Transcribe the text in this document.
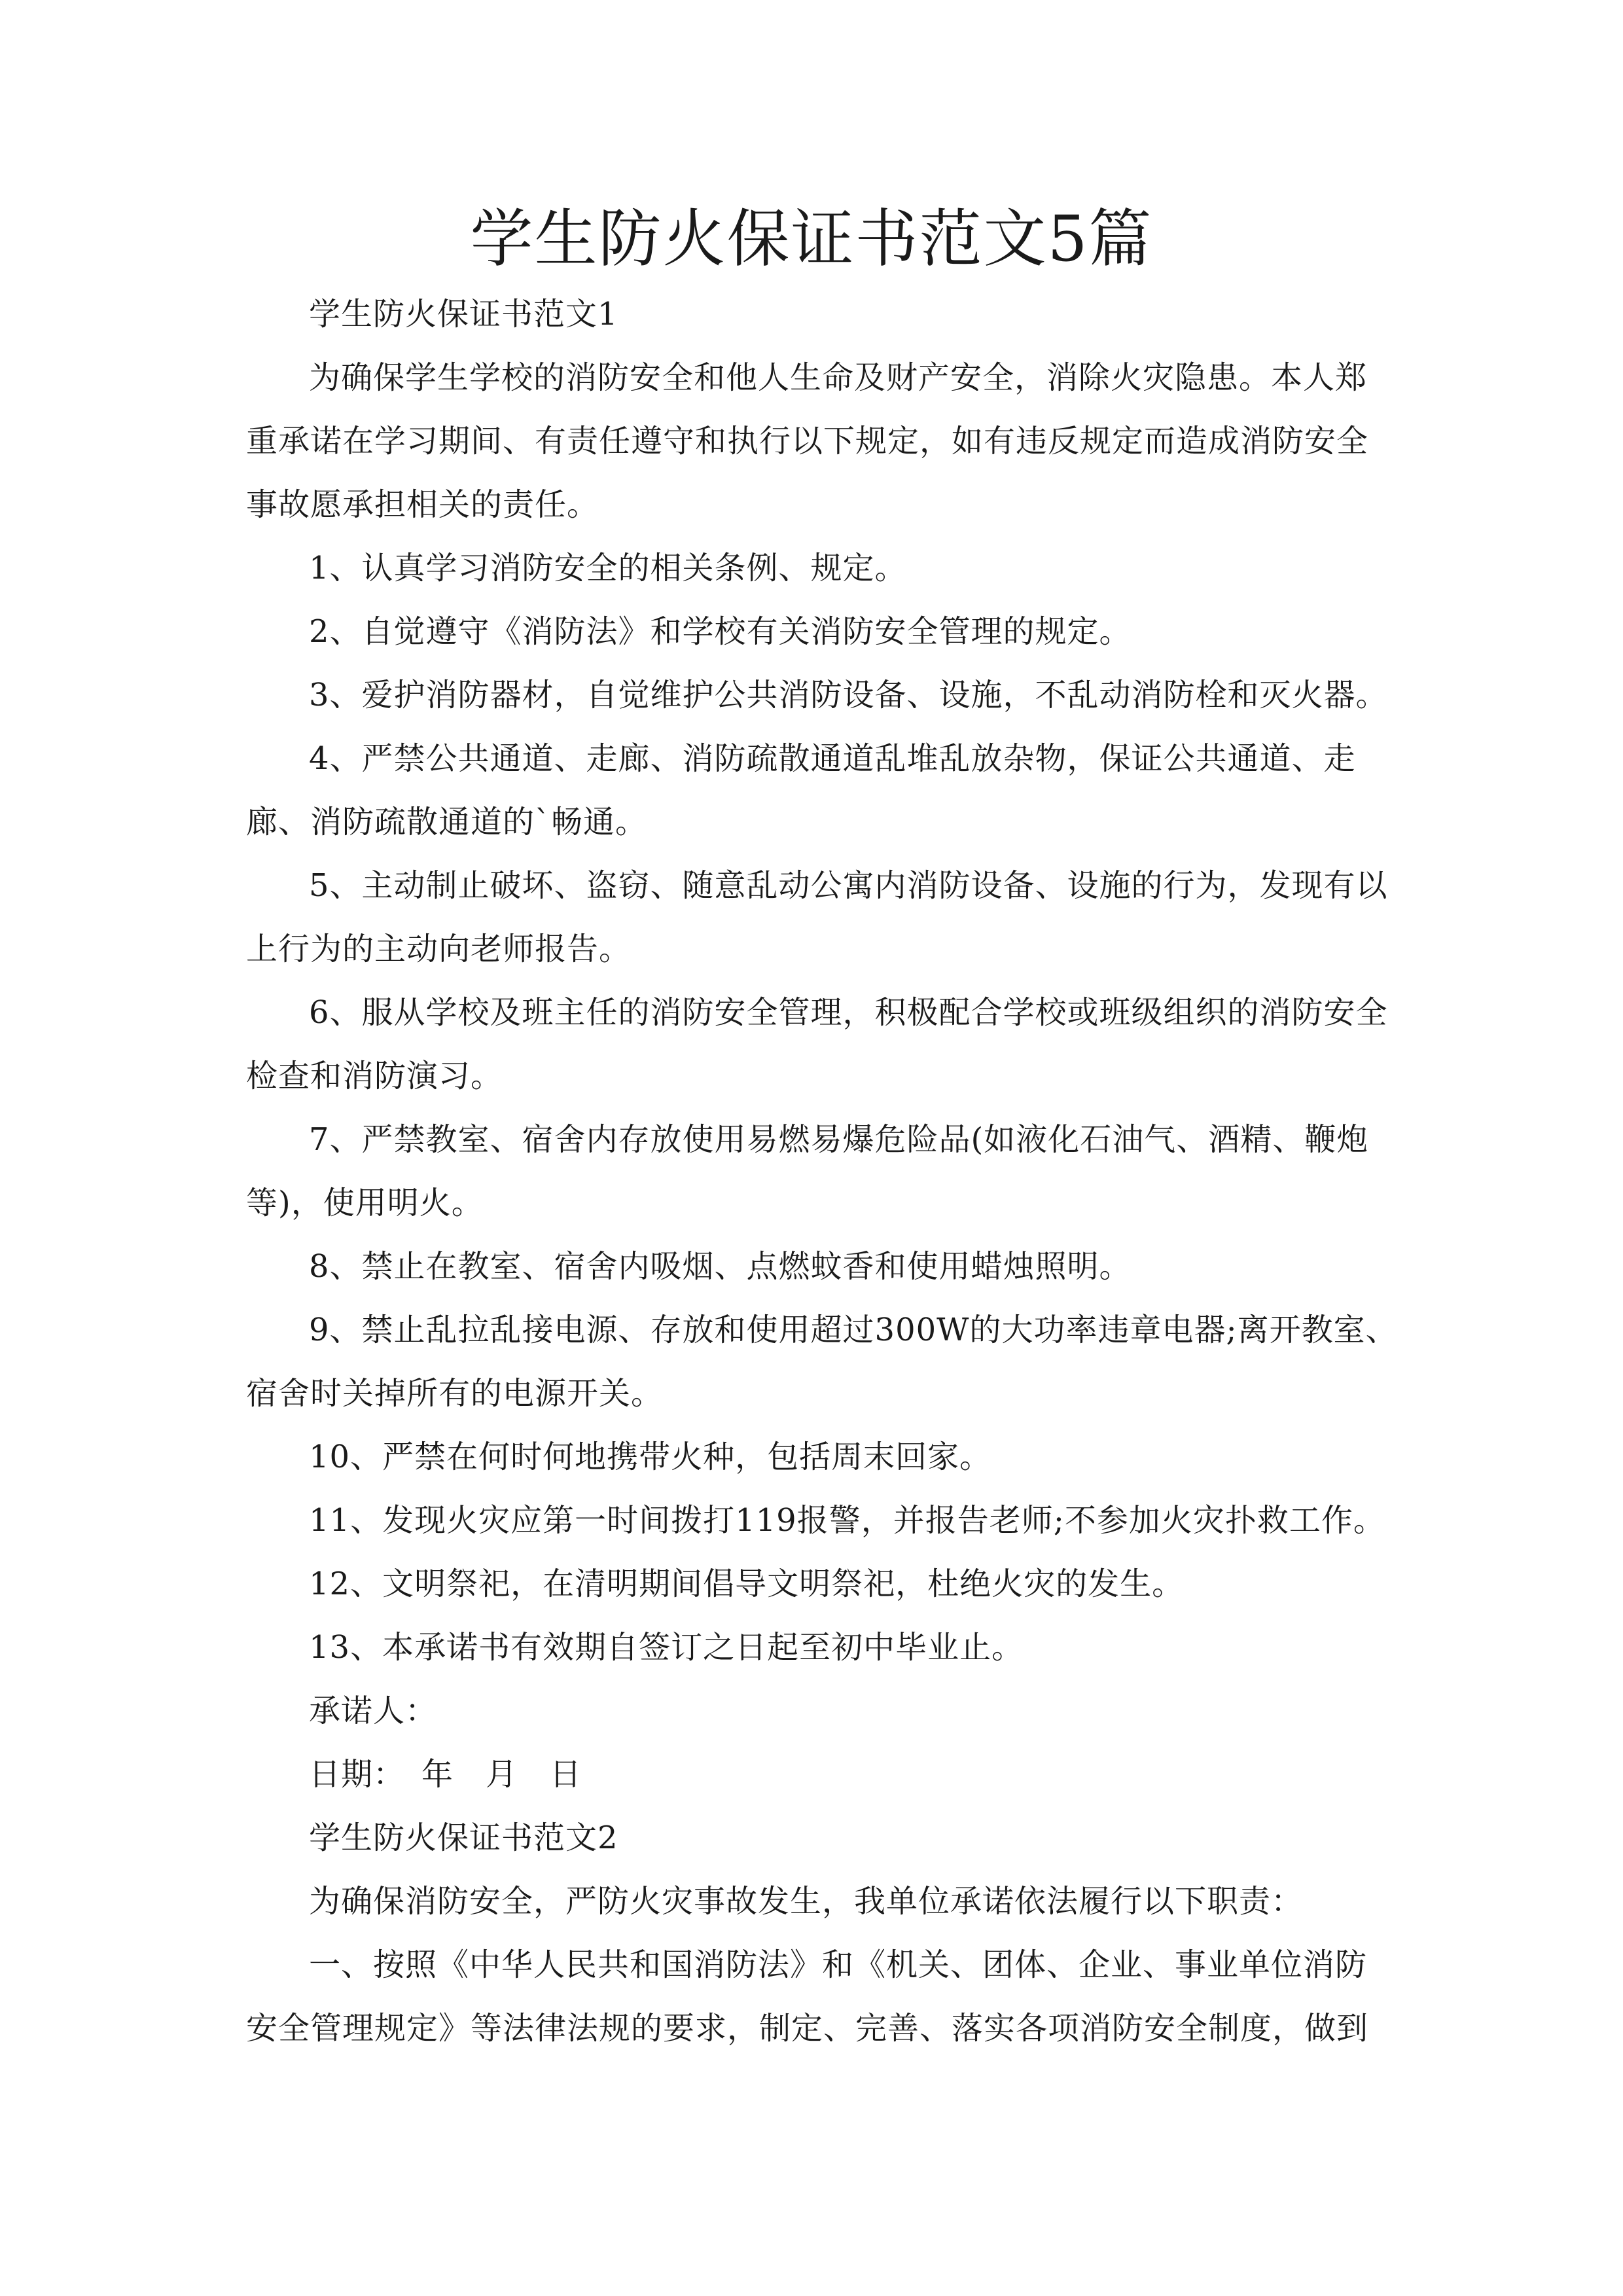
学生防火保证书范文5篇

学生防火保证书范文1

为确保学生学校的消防安全和他人生命及财产安全，消除火灾隐患。本人郑重承诺在学习期间、有责任遵守和执行以下规定，如有违反规定而造成消防安全事故愿承担相关的责任。

1、认真学习消防安全的相关条例、规定。

2、自觉遵守《消防法》和学校有关消防安全管理的规定。

3、爱护消防器材，自觉维护公共消防设备、设施，不乱动消防栓和灭火器。

4、严禁公共通道、走廊、消防疏散通道乱堆乱放杂物，保证公共通道、走廊、消防疏散通道的`畅通。

5、主动制止破坏、盗窃、随意乱动公寓内消防设备、设施的行为，发现有以上行为的主动向老师报告。

6、服从学校及班主任的消防安全管理，积极配合学校或班级组织的消防安全检查和消防演习。

7、严禁教室、宿舍内存放使用易燃易爆危险品(如液化石油气、酒精、鞭炮等)，使用明火。

8、禁止在教室、宿舍内吸烟、点燃蚊香和使用蜡烛照明。

9、禁止乱拉乱接电源、存放和使用超过300W的大功率违章电器;离开教室、宿舍时关掉所有的电源开关。

10、严禁在何时何地携带火种，包括周末回家。

11、发现火灾应第一时间拨打119报警，并报告老师;不参加火灾扑救工作。

12、文明祭祀，在清明期间倡导文明祭祀，杜绝火灾的发生。

13、本承诺书有效期自签订之日起至初中毕业止。

承诺人：

日期：　年　月　日

学生防火保证书范文2

为确保消防安全，严防火灾事故发生，我单位承诺依法履行以下职责：

一、按照《中华人民共和国消防法》和《机关、团体、企业、事业单位消防安全管理规定》等法律法规的要求，制定、完善、落实各项消防安全制度，做到
